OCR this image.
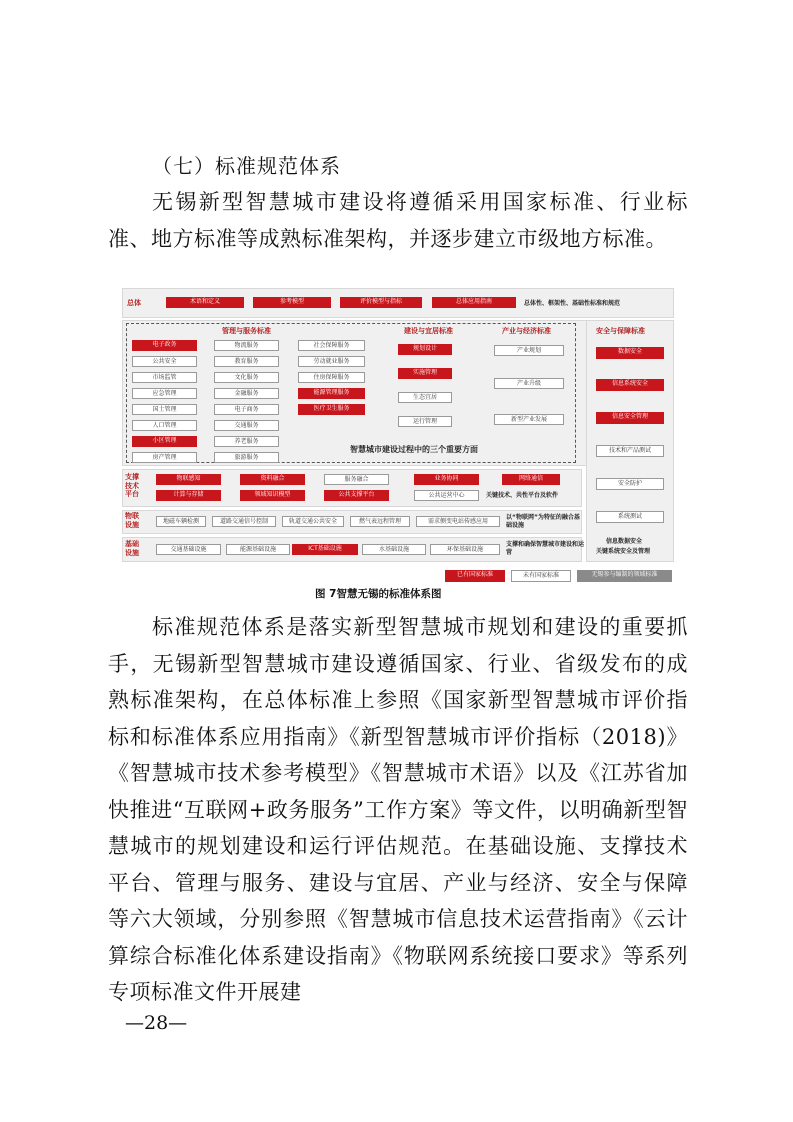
（七）标准规范体系
无锡新型智慧城市建设将遵循采用国家标准、行业标准、地方标准等成熟标准架构，并逐步建立市级地方标准。
总体	术语和定义	参考模型	评价模型与指标	总体应用指南	总体性、框架性、基础性标准和规范
管理与服务标准
电子政务
公共安全
市场监管
应急管理
国土管理
人口管理
小区管理
房产管理
物流服务
教育服务
文化服务
金融服务
电子商务
交通服务
养老服务
旅游服务
社会保障服务
劳动就业服务
住房保障服务
能源管理服务
医疗卫生服务
建设与宜居标准
规划设计
实施管理
生态宜居
运行管理
产业与经济标准
产业规划
产业升级
新型产业发展
智慧城市建设过程中的三个重要方面
安全与保障标准
数据安全
信息系统安全
信息安全管理
技术和产品测试
安全防护
系统测试
信息数据安全
关键系统安全及管理
支撑技术平台
物联感知	资料融合	服务融合	业务协同	网络通信
计算与存储	领域知识模型	公共支撑平台	公共运营中心	关键技术、共性平台及软件
物联设施	地磁车辆检测	道路交通信号控制	轨道交通公共安全	燃气表远程管理	需求侧变电站传感应用
以“物联网”为特征的融合基础设施
基础设施	交通基础设施	能源基础设施	ICT基础设施	水基础设施	环保基础设施
支撑和确保智慧城市建设和运营
已有国家标准	未有国家标准	无锡参与编制的领域标准
图 7智慧无锡的标准体系图
标准规范体系是落实新型智慧城市规划和建设的重要抓手，无锡新型智慧城市建设遵循国家、行业、省级发布的成熟标准架构，在总体标准上参照《国家新型智慧城市评价指标和标准体系应用指南》《新型智慧城市评价指标（2018)》《智慧城市技术参考模型》《智慧城市术语》以及《江苏省加快推进“互联网+政务服务”工作方案》等文件，以明确新型智慧城市的规划建设和运行评估规范。在基础设施、支撑技术平台、管理与服务、建设与宜居、产业与经济、安全与保障等六大领域，分别参照《智慧城市信息技术运营指南》《云计算综合标准化体系建设指南》《物联网系统接口要求》等系列专项标准文件开展建
—28—
